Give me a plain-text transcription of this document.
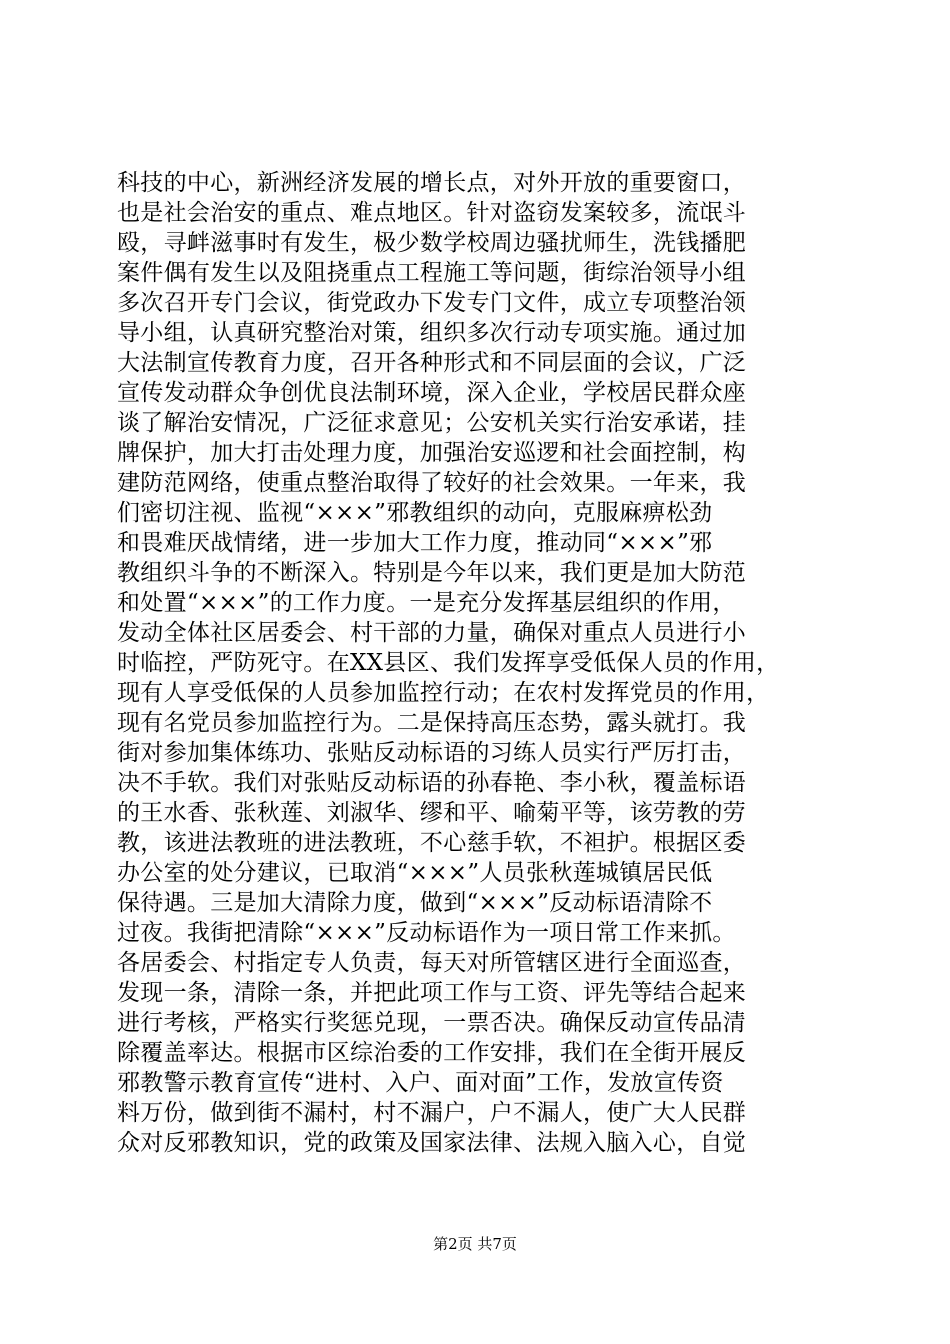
科技的中心，新洲经济发展的增长点，对外开放的重要窗口，
也是社会治安的重点、难点地区。针对盗窃发案较多，流氓斗
殴，寻衅滋事时有发生，极少数学校周边骚扰师生，洗钱播肥
案件偶有发生以及阻挠重点工程施工等问题，街综治领导小组
多次召开专门会议，街党政办下发专门文件，成立专项整治领
导小组，认真研究整治对策，组织多次行动专项实施。通过加
大法制宣传教育力度，召开各种形式和不同层面的会议，广泛
宣传发动群众争创优良法制环境，深入企业，学校居民群众座
谈了解治安情况，广泛征求意见；公安机关实行治安承诺，挂
牌保护，加大打击处理力度，加强治安巡逻和社会面控制，构
建防范网络，使重点整治取得了较好的社会效果。一年来，我
们密切注视、监视“×××”邪教组织的动向，克服麻痹松劲
和畏难厌战情绪，进一步加大工作力度，推动同“×××”邪
教组织斗争的不断深入。特别是今年以来，我们更是加大防范
和处置“×××”的工作力度。一是充分发挥基层组织的作用，
发动全体社区居委会、村干部的力量，确保对重点人员进行小
时临控，严防死守。在XX县区、我们发挥享受低保人员的作用，
现有人享受低保的人员参加监控行动；在农村发挥党员的作用，
现有名党员参加监控行为。二是保持高压态势，露头就打。我
街对参加集体练功、张贴反动标语的习练人员实行严厉打击，
决不手软。我们对张贴反动标语的孙春艳、李小秋，覆盖标语
的王水香、张秋莲、刘淑华、缪和平、喻菊平等，该劳教的劳
教，该进法教班的进法教班，不心慈手软，不袒护。根据区委
办公室的处分建议，已取消“×××”人员张秋莲城镇居民低
保待遇。三是加大清除力度，做到“×××”反动标语清除不
过夜。我街把清除“×××”反动标语作为一项日常工作来抓。
各居委会、村指定专人负责，每天对所管辖区进行全面巡查，
发现一条，清除一条，并把此项工作与工资、评先等结合起来
进行考核，严格实行奖惩兑现，一票否决。确保反动宣传品清
除覆盖率达。根据市区综治委的工作安排，我们在全街开展反
邪教警示教育宣传“进村、入户、面对面”工作，发放宣传资
料万份，做到街不漏村，村不漏户，户不漏人，使广大人民群
众对反邪教知识，党的政策及国家法律、法规入脑入心，自觉
第2页 共7页
